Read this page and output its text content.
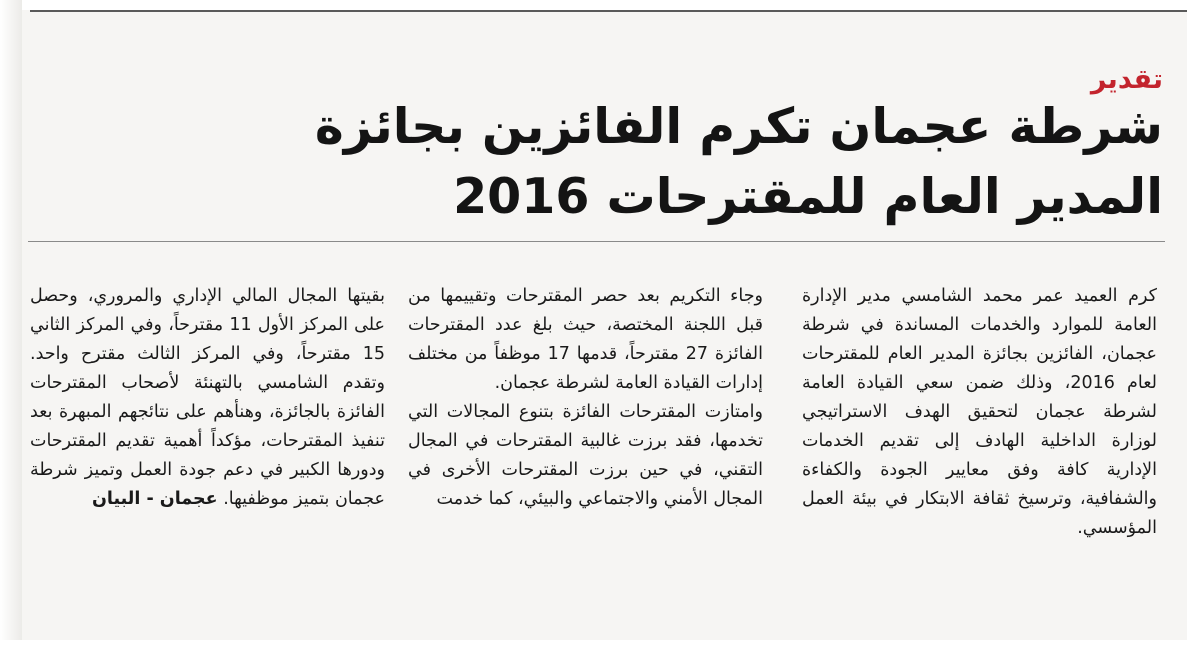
تقدير
شرطة عجمان تكرم الفائزين بجائزة المدير العام للمقترحات 2016

كرم العميد عمر محمد الشامسي مدير الإدارة العامة للموارد والخدمات المساندة في شرطة عجمان، الفائزين بجائزة المدير العام للمقترحات لعام 2016، وذلك ضمن سعي القيادة العامة لشرطة عجمان لتحقيق الهدف الاستراتيجي لوزارة الداخلية الهادف إلى تقديم الخدمات الإدارية كافة وفق معايير الجودة والكفاءة والشفافية، وترسيخ ثقافة الابتكار في بيئة العمل المؤسسي.

وجاء التكريم بعد حصر المقترحات وتقييمها من قبل اللجنة المختصة، حيث بلغ عدد المقترحات الفائزة 27 مقترحاً، قدمها 17 موظفاً من مختلف إدارات القيادة العامة لشرطة عجمان.

وامتازت المقترحات الفائزة بتنوع المجالات التي تخدمها، فقد برزت غالبية المقترحات في المجال التقني، في حين برزت المقترحات الأخرى في المجال الأمني والاجتماعي والبيئي، كما خدمت

بقيتها المجال المالي الإداري والمروري، وحصل على المركز الأول 11 مقترحاً، وفي المركز الثاني 15 مقترحاً، وفي المركز الثالث مقترح واحد. وتقدم الشامسي بالتهنئة لأصحاب المقترحات الفائزة بالجائزة، وهنأهم على نتائجهم المبهرة بعد تنفيذ المقترحات، مؤكداً أهمية تقديم المقترحات ودورها الكبير في دعم جودة العمل وتميز شرطة عجمان بتميز موظفيها. عجمان - البيان
